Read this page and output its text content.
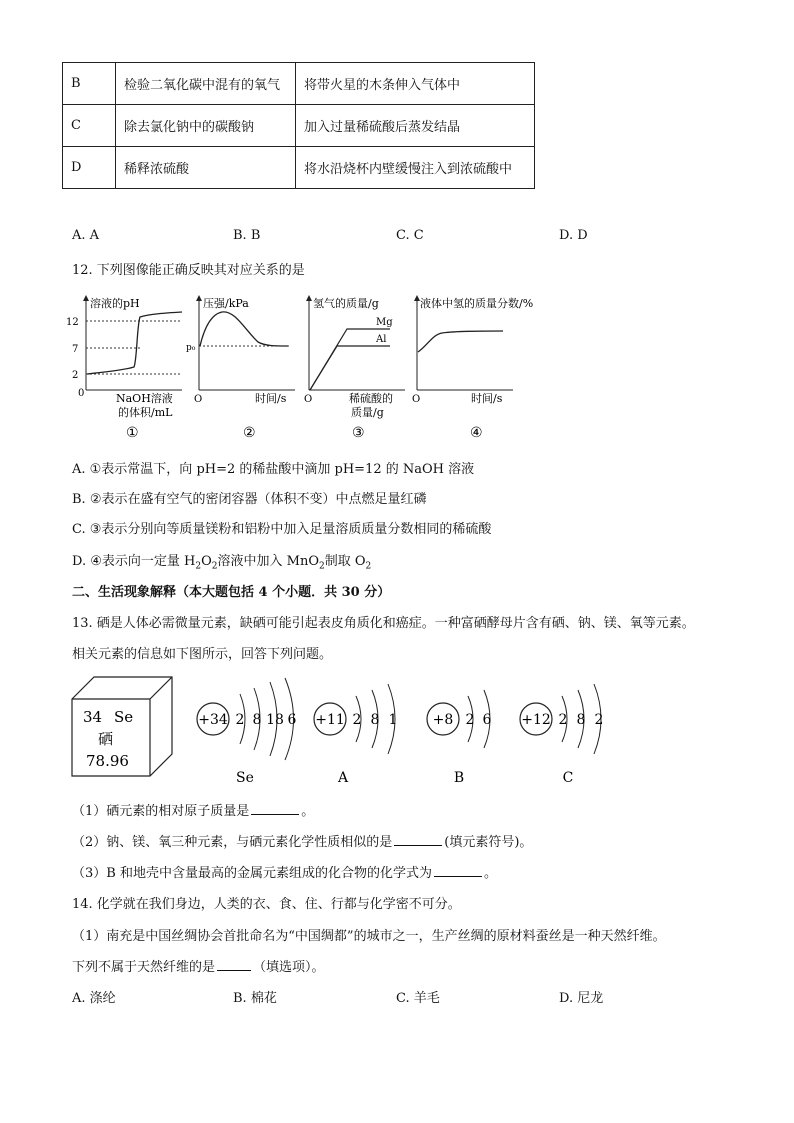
B	检验二氧化碳中混有的氧气	将带火星的木条伸入气体中
C	除去氯化钠中的碳酸钠	加入过量稀硫酸后蒸发结晶
D	稀释浓硫酸	将水沿烧杯内壁缓慢注入到浓硫酸中
A. A	B. B	C. C	D. D
12. 下列图像能正确反映其对应关系的是
溶液的pH
12
7
2
0	NaOH溶液
的体积/mL
①
压强/kPa
p₀
O	时间/s
②
氢气的质量/g
Mg
Al
O	稀硫酸的
质量/g
③
液体中氢的质量分数/%
O	时间/s
④
A. ①表示常温下，向 pH=2 的稀盐酸中滴加 pH=12 的 NaOH 溶液
B. ②表示在盛有空气的密闭容器（体积不变）中点燃足量红磷
C. ③表示分别向等质量镁粉和铝粉中加入足量溶质质量分数相同的稀硫酸
D. ④表示向一定量 $H_2O_2$溶液中加入 MnO$_2$制取 $O_2$
二、生活现象解释（本大题包括 4 个小题．共 30 分）
13. 硒是人体必需微量元素，缺硒可能引起表皮角质化和癌症。一种富硒酵母片含有硒、钠、镁、氧等元素。
相关元素的信息如下图所示，回答下列问题。
34 Se
硒
78.96
+34 2 8 18 6
Se
+11 2 8 1
A
+8 2 6
B
+12 2 8 2
C
（1）硒元素的相对原子质量是	。
（2）钠、镁、氧三种元素，与硒元素化学性质相似的是	(填元素符号)。
（3）B 和地壳中含量最高的金属元素组成的化合物的化学式为	。
14. 化学就在我们身边，人类的衣、食、住、行都与化学密不可分。
（1）南充是中国丝绸协会首批命名为“中国绸都”的城市之一，生产丝绸的原材料蚕丝是一种天然纤维。
下列不属于天然纤维的是	（填选项）。
A. 涤纶	B. 棉花	C. 羊毛	D. 尼龙
